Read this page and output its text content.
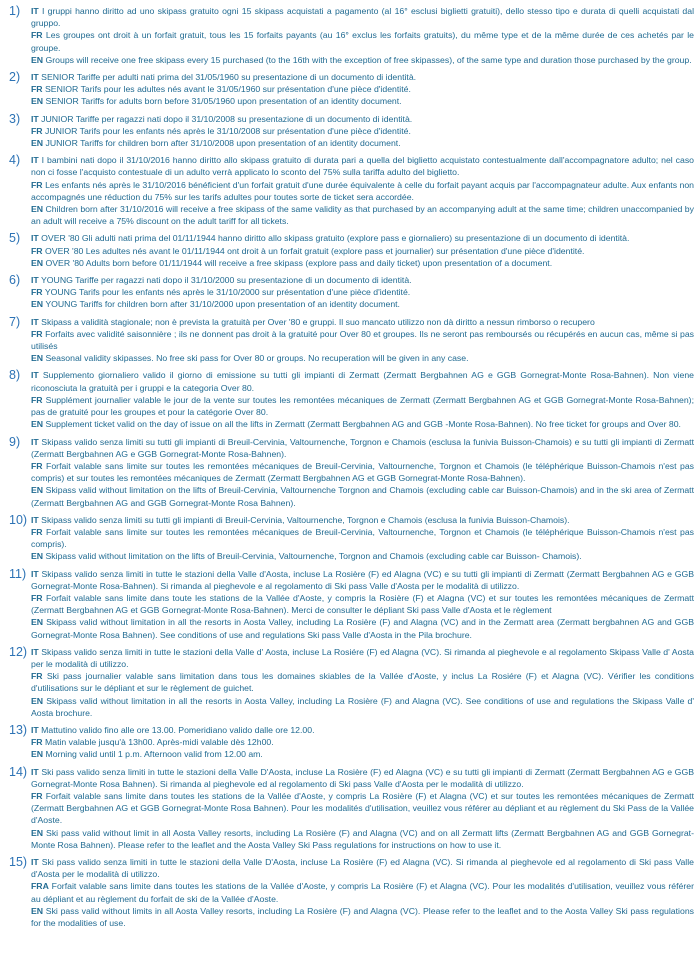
1)	IT I gruppi hanno diritto ad uno skipass gratuito ogni 15 skipass acquistati a pagamento (al 16° esclusi biglietti gratuiti), dello stesso tipo e durata di quelli acquistati dal gruppo.

FR Les groupes ont droit à un forfait gratuit, tous les 15 forfaits payants (au 16° exclus les forfaits gratuits), du même type et de la même durée de ces achetés par le groupe.

EN Groups will receive one free skipass every 15 purchased (to the 16th with the exception of free skipasses), of the same type and duration those purchased by the group.

2)	IT SENIOR Tariffe per adulti nati prima del 31/05/1960 su presentazione di un documento di identità.

FR SENIOR Tarifs pour les adultes nés avant le 31/05/1960 sur présentation d'une pièce d'identité.

EN SENIOR Tariffs for adults born before 31/05/1960 upon presentation of an identity document.

3)	IT JUNIOR Tariffe per ragazzi nati dopo il 31/10/2008 su presentazione di un documento di identità.

FR JUNIOR Tarifs pour les enfants nés après le 31/10/2008 sur présentation d'une pièce d'identité.

EN JUNIOR Tariffs for children born after 31/10/2008 upon presentation of an identity document.

4)	IT I bambini nati dopo il 31/10/2016 hanno diritto allo skipass gratuito di durata pari a quella del biglietto acquistato contestualmente dall'accompagnatore adulto; nel caso non ci fosse l'acquisto contestuale di un adulto verrà applicato lo sconto del 75% sulla tariffa adulto del biglietto.

FR Les enfants nés après le 31/10/2016 bénéficient d'un forfait gratuit d'une durée équivalente à celle du forfait payant acquis par l'accompagnateur adulte. Aux enfants non accompagnés une réduction du 75% sur les tarifs adultes pour toutes sorte de ticket sera accordée.

EN Children born after 31/10/2016 will receive a free skipass of the same validity as that purchased by an accompanying adult at the same time; children unaccompanied by an adult will receive a 75% discount on the adult tariff for all tickets.

5)	IT OVER '80 Gli adulti nati prima del 01/11/1944 hanno diritto allo skipass gratuito (explore pass e giornaliero) su presentazione di un documento di identità.

FR OVER '80 Les adultes nés avant le 01/11/1944 ont droit à un forfait gratuit (explore pass et journalier) sur présentation d'une pièce d'identité.

EN OVER '80 Adults born before 01/11/1944 will receive a free skipass (explore pass and daily ticket) upon presentation of a document.

6)	IT YOUNG Tariffe per ragazzi nati dopo il 31/10/2000 su presentazione di un documento di identità.

FR YOUNG Tarifs pour les enfants nés après le 31/10/2000 sur présentation d'une pièce d'identité.

EN YOUNG Tariffs for children born after 31/10/2000 upon presentation of an identity document.

7)	IT Skipass a validità stagionale; non è prevista la gratuità per Over '80 e gruppi. Il suo mancato utilizzo non dà diritto a nessun rimborso o recupero

FR Forfaits avec validité saisonnière ; ils ne donnent pas droit à la gratuité pour Over 80 et groupes. Ils ne seront pas remboursés ou récupérés en aucun cas, même si pas utilisés

EN Seasonal validity skipasses. No free ski pass for Over 80 or groups. No recuperation will be given in any case.

8)	IT Supplemento giornaliero valido il giorno di emissione su tutti gli impianti di Zermatt (Zermatt Bergbahnen AG e GGB Gornegrat-Monte Rosa-Bahnen). Non viene riconosciuta la gratuità per i gruppi e la categoria Over 80.

FR Supplément journalier valable le jour de la vente sur toutes les remontées mécaniques de Zermatt (Zermatt Bergbahnen AG et GGB Gornegrat-Monte Rosa-Bahnen); pas de gratuité pour les groupes et pour la catégorie Over 80.

EN Supplement ticket valid on the day of issue on all the lifts in Zermatt (Zermatt Bergbahnen AG and GGB -Monte Rosa-Bahnen). No free ticket for groups and Over 80.

9)	IT Skipass valido senza limiti su tutti gli impianti di Breuil-Cervinia, Valtournenche, Torgnon e Chamois (esclusa la funivia Buisson-Chamois) e su tutti gli impianti di Zermatt (Zermatt Bergbahnen AG e GGB Gornegrat-Monte Rosa-Bahnen).

FR Forfait valable sans limite sur toutes les remontées mécaniques de Breuil-Cervinia, Valtournenche, Torgnon et Chamois (le téléphérique Buisson-Chamois n'est pas compris) et sur toutes les remontées mécaniques de Zermatt (Zermatt Bergbahnen AG et GGB Gornegrat-Monte Rosa-Bahnen).

EN Skipass valid without limitation on the lifts of Breuil-Cervinia, Valtournenche Torgnon and Chamois (excluding cable car Buisson-Chamois) and in the ski area of Zermatt (Zermatt Bergbahnen AG and GGB Gornegrat-Monte Rosa Bahnen).

10) IT Skipass valido senza limiti su tutti gli impianti di Breuil-Cervinia, Valtournenche, Torgnon e Chamois (esclusa la funivia Buisson-Chamois).

FR Forfait valable sans limite sur toutes les remontées mécaniques de Breuil-Cervinia, Valtournenche, Torgnon et Chamois (le téléphérique Buisson-Chamois n'est pas compris).

EN Skipass valid without limitation on the lifts of Breuil-Cervinia, Valtournenche, Torgnon and Chamois (excluding cable car Buisson- Chamois).

11) IT Skipass valido senza limiti in tutte le stazioni della Valle d'Aosta, incluse La Rosière (F) ed Alagna (VC) e su tutti gli impianti di Zermatt (Zermatt Bergbahnen AG e GGB Gornegrat-Monte Rosa-Bahnen). Si rimanda al pieghevole e al regolamento di Ski pass Valle d'Aosta per le modalità di utilizzo.

FR Forfait valable sans limite dans toute les stations de la Vallée d'Aoste, y compris la Rosière (F) et Alagna (VC) et sur toutes les remontées mécaniques de Zermatt (Zermatt Bergbahnen AG et GGB Gornegrat-Monte Rosa-Bahnen). Merci de consulter le dépliant Ski pass Valle d'Aosta et le règlement

EN Skipass valid without limitation in all the resorts in Aosta Valley, including La Rosière (F) and Alagna (VC) and in the Zermatt area (Zermatt bergbahnen AG and GGB Gornegrat-Monte Rosa Bahnen). See conditions of use and regulations Ski pass Valle d'Aosta in the Pila brochure.

12) IT Skipass valido senza limiti in tutte le stazioni della Valle d' Aosta, incluse La Rosiére (F) ed Alagna (VC). Si rimanda al pieghevole e al regolamento Skipass Valle d' Aosta per le modalità di utilizzo.

FR Ski pass journalier valable sans limitation dans tous les domaines skiables de la Vallée d'Aoste, y inclus La Rosiére (F) et Alagna (VC). Vérifier les conditions d'utilisations sur le dépliant et sur le règlement de guichet.

EN Skipass valid without limitation in all the resorts in Aosta Valley, including La Rosière (F) and Alagna (VC). See conditions of use and regulations the Skipass Valle d' Aosta brochure.

13) IT Mattutino valido fino alle ore 13.00. Pomeridiano valido dalle ore 12.00.

FR Matin valable jusqu'à 13h00. Après-midi valable dès 12h00.

EN Morning valid until 1 p.m. Afternoon valid from 12.00 am.

14) IT Ski pass valido senza limiti in tutte le stazioni della Valle D'Aosta, incluse La Rosière (F) ed Alagna (VC) e su tutti gli impianti di Zermatt (Zermatt Bergbahnen AG e GGB Gornegrat-Monte Rosa Bahnen). Si rimanda al pieghevole ed al regolamento di Ski pass Valle d'Aosta per le modalità di utilizzo.

FR Forfait valable sans limite dans toutes les stations de la Vallée d'Aoste, y compris La Rosière (F) et Alagna (VC) et sur toutes les remontées mécaniques de Zermatt (Zermatt Bergbahnen AG et GGB Gornegrat-Monte Rosa Bahnen). Pour les modalités d'utilisation, veuillez vous référer au dépliant et au règlement du Ski Pass de la Vallée d'Aoste.

EN Ski pass valid without limit in all Aosta Valley resorts, including La Rosière (F) and Alagna (VC) and on all Zermatt lifts (Zermatt Bergbahnen AG and GGB Gornegrat-Monte Rosa Bahnen). Please refer to the leaflet and the Aosta Valley Ski Pass regulations for instructions on how to use it.

15) IT Ski pass valido senza limiti in tutte le stazioni della Valle D'Aosta, incluse La Rosière (F) ed Alagna (VC). Si rimanda al pieghevole ed al regolamento di Ski pass Valle d'Aosta per le modalità di utilizzo.

FRA Forfait valable sans limite dans toutes les stations de la Vallée d'Aoste, y compris La Rosière (F) et Alagna (VC). Pour les modalités d'utilisation, veuillez vous référer au dépliant et au règlement du forfait de ski de la Vallée d'Aoste.

EN Ski pass valid without limits in all Aosta Valley resorts, including La Rosière (F) and Alagna (VC). Please refer to the leaflet and to the Aosta Valley Ski pass regulations for the modalities of use.
